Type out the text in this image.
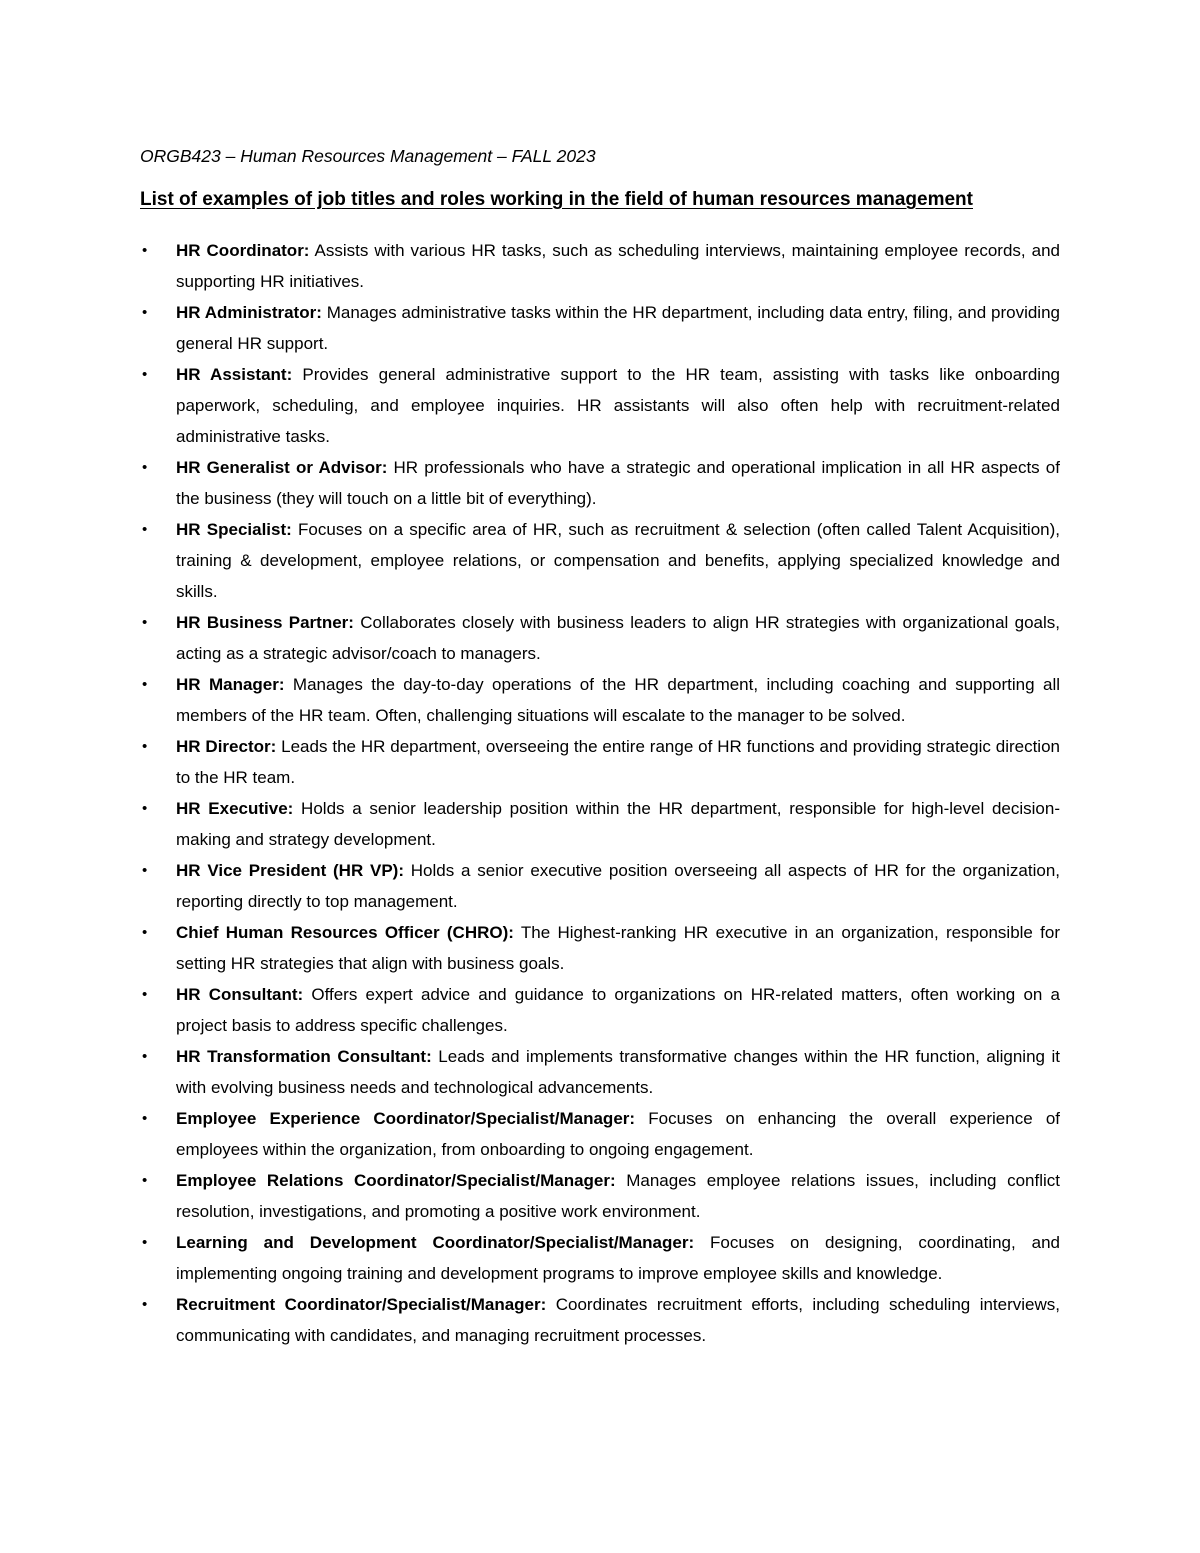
ORGB423 – Human Resources Management – FALL 2023
List of examples of job titles and roles working in the field of human resources management
• HR Coordinator: Assists with various HR tasks, such as scheduling interviews, maintaining employee records, and supporting HR initiatives.
• HR Administrator: Manages administrative tasks within the HR department, including data entry, filing, and providing general HR support.
• HR Assistant: Provides general administrative support to the HR team, assisting with tasks like onboarding paperwork, scheduling, and employee inquiries. HR assistants will also often help with recruitment-related administrative tasks.
• HR Generalist or Advisor: HR professionals who have a strategic and operational implication in all HR aspects of the business (they will touch on a little bit of everything).
• HR Specialist: Focuses on a specific area of HR, such as recruitment & selection (often called Talent Acquisition), training & development, employee relations, or compensation and benefits, applying specialized knowledge and skills.
• HR Business Partner: Collaborates closely with business leaders to align HR strategies with organizational goals, acting as a strategic advisor/coach to managers.
• HR Manager: Manages the day-to-day operations of the HR department, including coaching and supporting all members of the HR team. Often, challenging situations will escalate to the manager to be solved.
• HR Director: Leads the HR department, overseeing the entire range of HR functions and providing strategic direction to the HR team.
• HR Executive: Holds a senior leadership position within the HR department, responsible for high-level decision-making and strategy development.
• HR Vice President (HR VP): Holds a senior executive position overseeing all aspects of HR for the organization, reporting directly to top management.
• Chief Human Resources Officer (CHRO): The Highest-ranking HR executive in an organization, responsible for setting HR strategies that align with business goals.
• HR Consultant: Offers expert advice and guidance to organizations on HR-related matters, often working on a project basis to address specific challenges.
• HR Transformation Consultant: Leads and implements transformative changes within the HR function, aligning it with evolving business needs and technological advancements.
• Employee Experience Coordinator/Specialist/Manager: Focuses on enhancing the overall experience of employees within the organization, from onboarding to ongoing engagement.
• Employee Relations Coordinator/Specialist/Manager: Manages employee relations issues, including conflict resolution, investigations, and promoting a positive work environment.
• Learning and Development Coordinator/Specialist/Manager: Focuses on designing, coordinating, and implementing ongoing training and development programs to improve employee skills and knowledge.
• Recruitment Coordinator/Specialist/Manager: Coordinates recruitment efforts, including scheduling interviews, communicating with candidates, and managing recruitment processes.
